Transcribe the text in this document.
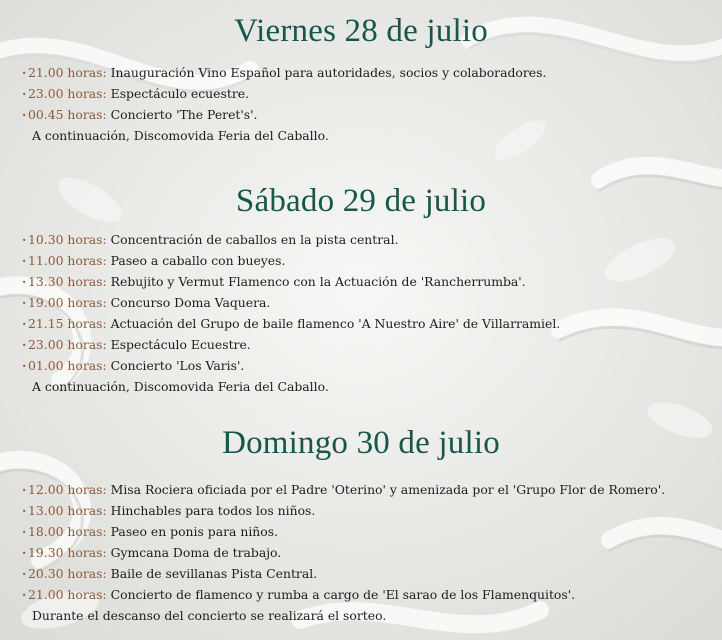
Viernes 28 de julio
· 21.00 horas: Inauguración Vino Español para autoridades, socios y colaboradores.
· 23.00 horas: Espectáculo ecuestre.
· 00.45 horas: Concierto 'The Peret's'.
A continuación, Discomovida Feria del Caballo.
Sábado 29 de julio
· 10.30 horas: Concentración de caballos en la pista central.
· 11.00 horas: Paseo a caballo con bueyes.
· 13.30 horas: Rebujito y Vermut Flamenco con la Actuación de 'Rancherrumba'.
· 19.00 horas: Concurso Doma Vaquera.
· 21.15 horas: Actuación del Grupo de baile flamenco 'A Nuestro Aire' de Villarramiel.
· 23.00 horas: Espectáculo Ecuestre.
· 01.00 horas: Concierto 'Los Varis'.
A continuación, Discomovida Feria del Caballo.
Domingo 30 de julio
· 12.00 horas: Misa Rociera oficiada por el Padre 'Oterino' y amenizada por el 'Grupo Flor de Romero'.
· 13.00 horas: Hinchables para todos los niños.
· 18.00 horas: Paseo en ponis para niños.
· 19.30 horas: Gymcana Doma de trabajo.
· 20.30 horas: Baile de sevillanas Pista Central.
· 21.00 horas: Concierto de flamenco y rumba a cargo de 'El sarao de los Flamenquitos'.
Durante el descanso del concierto se realizará el sorteo.
